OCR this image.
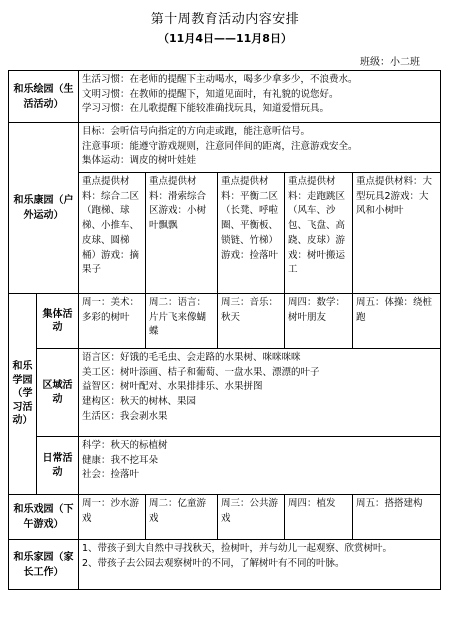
第十周教育活动内容安排
（11月4日——11月8日）
班级：小二班
和乐绘园（生活活动）		生活习惯：在老师的提醒下主动喝水，喝多少拿多少，不浪费水。
文明习惯：在教师的提醒下，知道见面时，有礼貌的说您好。
学习习惯：在儿歌提醒下能较准确找玩具，知道爱惜玩具。				

和乐康园（户外运动）		目标：会听信号向指定的方向走或跑，能注意听信号。
注意事项：能遵守游戏规则，注意同伴间的距离，注意游戏安全。
集体运动：调皮的树叶娃娃				

		重点提供材料：综合二区（跑梯、球梯、小推车、皮球、圆梯桶）游戏：摘果子	重点提供材料：滑索综合区游戏：小树叶飘飘	重点提供材料：平衡二区（长凳、呼啦圈、平衡板、锁链、竹梯）游戏：捡落叶	重点提供材料：走跑跳区（风车、沙包、飞盘、高跷、皮球）游戏：树叶搬运工	重点提供材料：大型玩具2游戏：大风和小树叶

和乐学园（学习活动）	集体活动	周一：美术：多彩的树叶	周二：语言：片片飞来像蝴蝶	周三：音乐：秋天	周四：数学：树叶朋友	周五：体操：绕桩跑

	区域活动	语言区：好饿的毛毛虫、会走路的水果树、咪咪咪咪
美工区：树叶添画、桔子和葡萄、一盘水果、漂漂的叶子
益智区：树叶配对、水果排排乐、水果拼图
建构区：秋天的树林、果园
生活区：我会剥水果				

	日常活动	科学：秋天的标植树
健康：我不挖耳朵
社会：捡落叶				

和乐戏园（下午游戏）		周一：沙水游戏	周二：亿童游戏	周三：公共游戏	周四：植发	周五：搭搭建构

和乐家园（家长工作）		1、带孩子到大自然中寻找秋天，捡树叶，并与幼儿一起观察、欣赏树叶。
2、带孩子去公园去观察树叶的不同，了解树叶有不同的叶脉。				
